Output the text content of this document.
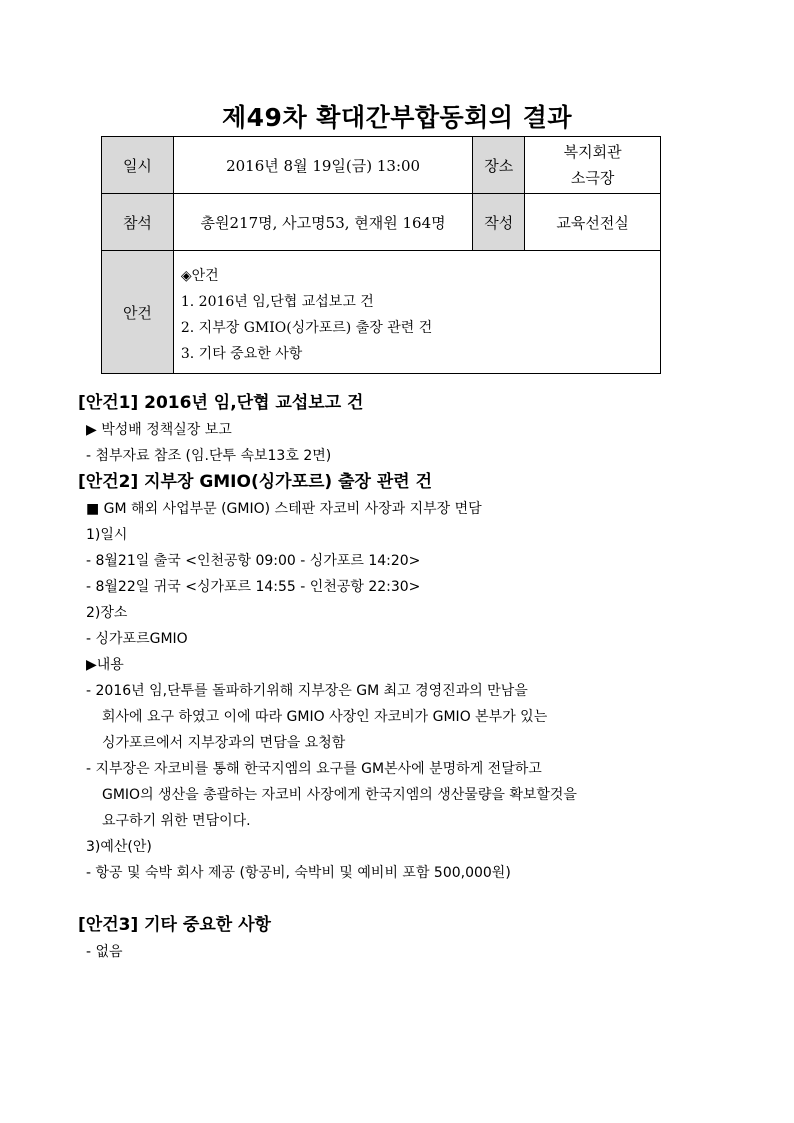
제49차 확대간부합동회의 결과
일시	2016년 8월 19일(금) 13:00	장소	복지회관
소극장

참석	총원217명, 사고명53, 현재원 164명	작성	교육선전실
안건	◈안건
1. 2016년 임,단협 교섭보고 건
2. 지부장 GMIO(싱가포르) 출장 관련 건
3. 기타 중요한 사항		
[안건1] 2016년 임,단협 교섭보고 건
▶ 박성배 정책실장 보고
- 첨부자료 참조 (임.단투 속보13호 2면)
[안건2] 지부장 GMIO(싱가포르) 출장 관련 건
■ GM 해외 사업부문 (GMIO) 스테판 자코비 사장과 지부장 면담
1)일시
- 8월21일 출국 <인천공항 09:00 - 싱가포르 14:20>
- 8월22일 귀국 <싱가포르 14:55 - 인천공항 22:30>
2)장소
- 싱가포르GMIO
▶내용
- 2016년 임,단투를 돌파하기위해 지부장은 GM 최고 경영진과의 만남을
회사에 요구 하였고 이에 따라 GMIO 사장인 자코비가 GMIO 본부가 있는
싱가포르에서 지부장과의 면담을 요청함
- 지부장은 자코비를 통해 한국지엠의 요구를 GM본사에 분명하게 전달하고
GMIO의 생산을 총괄하는 자코비 사장에게 한국지엠의 생산물량을 확보할것을
요구하기 위한 면담이다.
3)예산(안)
- 항공 및 숙박 회사 제공 (항공비, 숙박비 및 예비비 포함 500,000원)
[안건3] 기타 중요한 사항
- 없음
